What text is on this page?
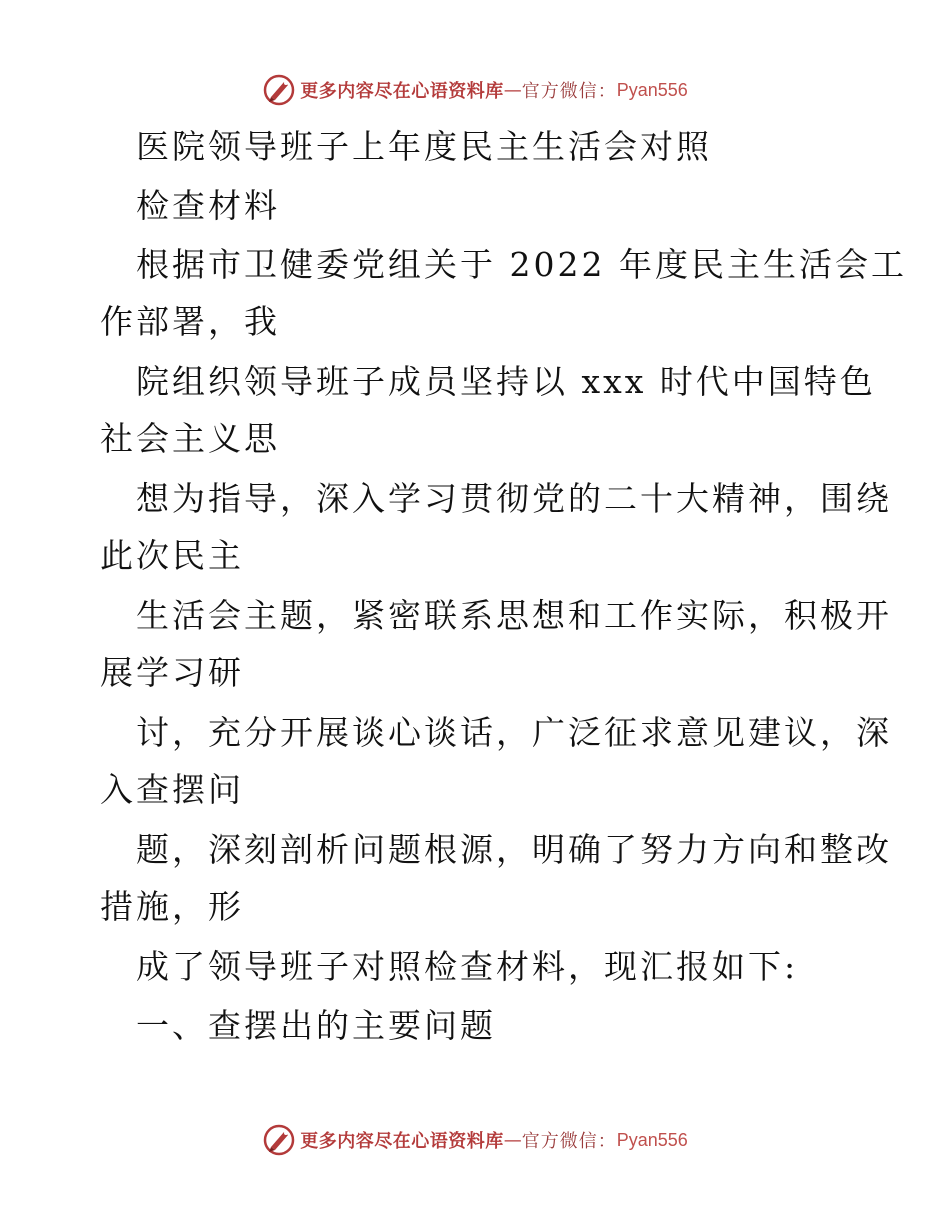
更多内容尽在心语资料库 — 官方微信： Pyan556
医院领导班子上年度民主生活会对照
检查材料
根据市卫健委党组关于 2022 年度民主生活会工
作部署，我
院组织领导班子成员坚持以 xxx 时代中国特色
社会主义思
想为指导，深入学习贯彻党的二十大精神，围绕
此次民主
生活会主题，紧密联系思想和工作实际，积极开
展学习研
讨，充分开展谈心谈话，广泛征求意见建议，深
入查摆问
题，深刻剖析问题根源，明确了努力方向和整改
措施，形
成了领导班子对照检查材料，现汇报如下:
一、查摆出的主要问题
更多内容尽在心语资料库 — 官方微信： Pyan556
